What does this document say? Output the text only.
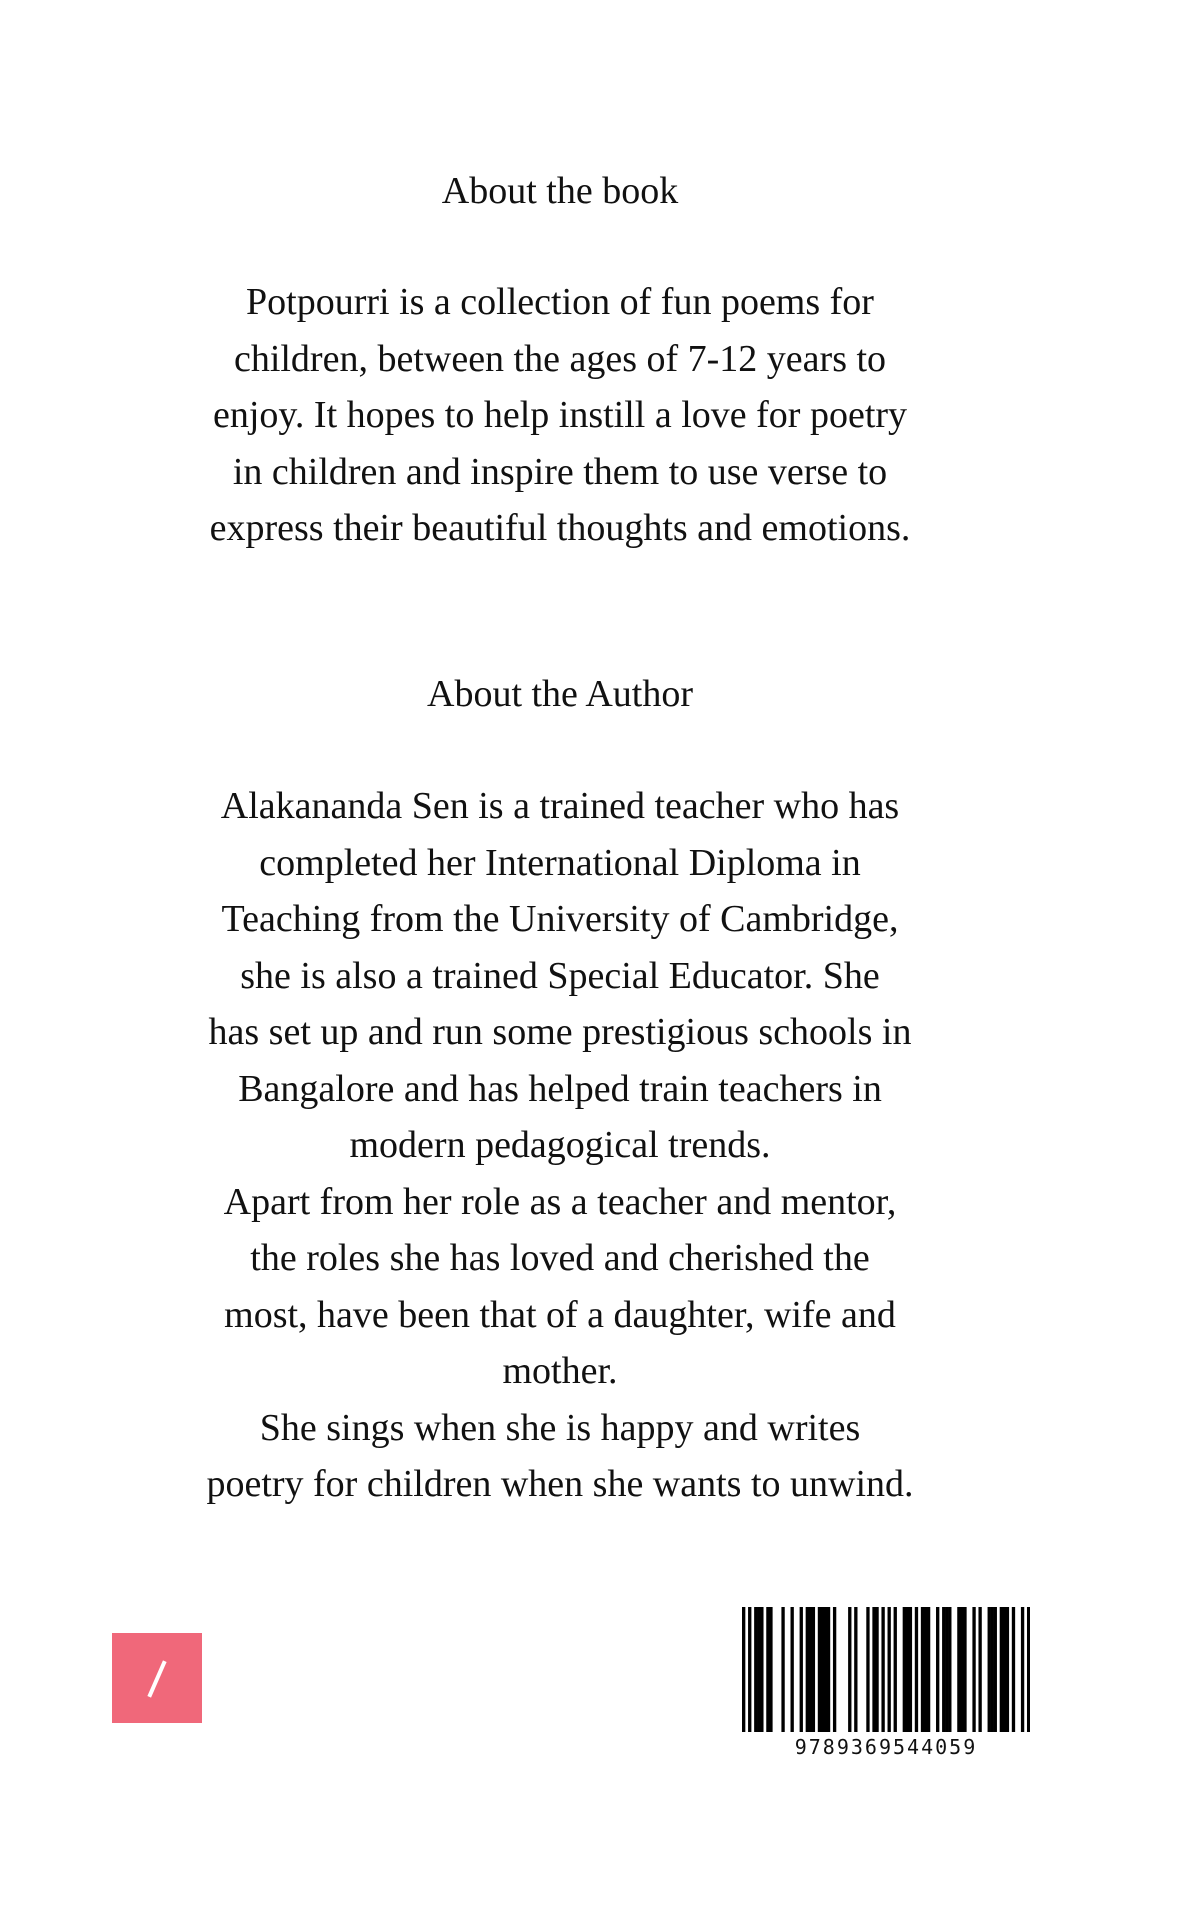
About the book
Potpourri is a collection of fun poems for
children, between the ages of 7-12 years to
enjoy. It hopes to help instill a love for poetry
in children and inspire them to use verse to
express their beautiful thoughts and emotions.
About the Author
Alakananda Sen is a trained teacher who has
completed her International Diploma in
Teaching from the University of Cambridge,
she is also a trained Special Educator. She
has set up and run some prestigious schools in
Bangalore and has helped train teachers in
modern pedagogical trends.
Apart from her role as a teacher and mentor,
the roles she has loved and cherished the
most, have been that of a daughter, wife and
mother.
She sings when she is happy and writes
poetry for children when she wants to unwind.
9789369544059
